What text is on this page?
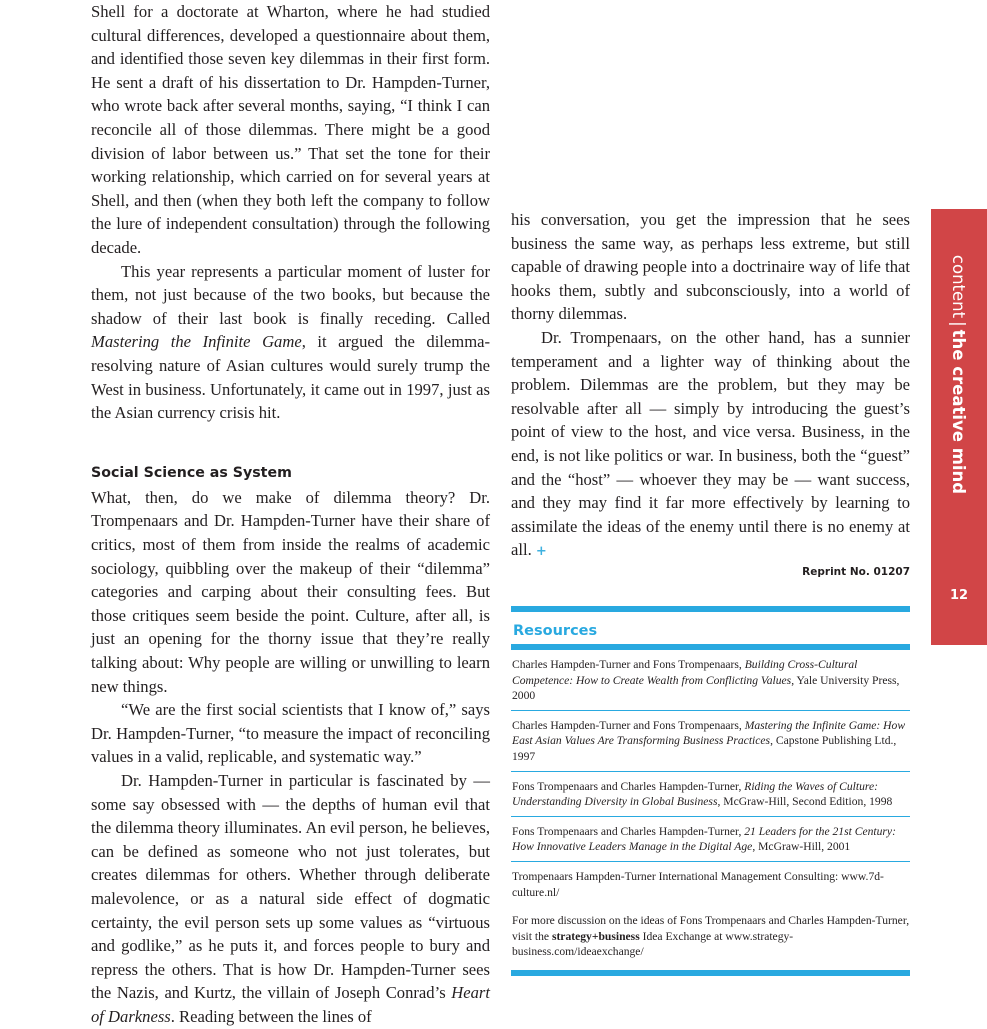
Shell for a doctorate at Wharton, where he had studied cultural differences, developed a questionnaire about them, and identified those seven key dilemmas in their first form. He sent a draft of his dissertation to Dr. Hampden-Turner, who wrote back after several months, saying, “I think I can reconcile all of those dilemmas. There might be a good division of labor between us.” That set the tone for their working relationship, which carried on for several years at Shell, and then (when they both left the company to follow the lure of independent consultation) through the following decade.

This year represents a particular moment of luster for them, not just because of the two books, but because the shadow of their last book is finally receding. Called Mastering the Infinite Game, it argued the dilemma-resolving nature of Asian cultures would surely trump the West in business. Unfortunately, it came out in 1997, just as the Asian currency crisis hit.

Social Science as System

What, then, do we make of dilemma theory? Dr. Trompenaars and Dr. Hampden-Turner have their share of critics, most of them from inside the realms of academic sociology, quibbling over the makeup of their “dilemma” categories and carping about their consulting fees. But those critiques seem beside the point. Culture, after all, is just an opening for the thorny issue that they’re really talking about: Why people are willing or unwilling to learn new things.

“We are the first social scientists that I know of,” says Dr. Hampden-Turner, “to measure the impact of reconciling values in a valid, replicable, and systematic way.”

Dr. Hampden-Turner in particular is fascinated by — some say obsessed with — the depths of human evil that the dilemma theory illuminates. An evil person, he believes, can be defined as someone who not just tolerates, but creates dilemmas for others. Whether through deliberate malevolence, or as a natural side effect of dogmatic certainty, the evil person sets up some values as “virtuous and godlike,” as he puts it, and forces people to bury and repress the others. That is how Dr. Hampden-Turner sees the Nazis, and Kurtz, the villain of Joseph Conrad’s Heart of Darkness. Reading between the lines of

his conversation, you get the impression that he sees business the same way, as perhaps less extreme, but still capable of drawing people into a doctrinaire way of life that hooks them, subtly and subconsciously, into a world of thorny dilemmas.

Dr. Trompenaars, on the other hand, has a sunnier temperament and a lighter way of thinking about the problem. Dilemmas are the problem, but they may be resolvable after all — simply by introducing the guest’s point of view to the host, and vice versa. Business, in the end, is not like politics or war. In business, both the “guest” and the “host” — whoever they may be — want success, and they may find it far more effectively by learning to assimilate the ideas of the enemy until there is no enemy at all. +

Reprint No. 01207
Resources
Charles Hampden-Turner and Fons Trompenaars, Building Cross-Cultural Competence: How to Create Wealth from Conflicting Values, Yale University Press, 2000
Charles Hampden-Turner and Fons Trompenaars, Mastering the Infinite Game: How East Asian Values Are Transforming Business Practices, Capstone Publishing Ltd., 1997
Fons Trompenaars and Charles Hampden-Turner, Riding the Waves of Culture: Understanding Diversity in Global Business, McGraw-Hill, Second Edition, 1998
Fons Trompenaars and Charles Hampden-Turner, 21 Leaders for the 21st Century: How Innovative Leaders Manage in the Digital Age, McGraw-Hill, 2001
Trompenaars Hampden-Turner International Management Consulting: www.7d-culture.nl/
For more discussion on the ideas of Fons Trompenaars and Charles Hampden-Turner, visit the strategy+business Idea Exchange at www.strategy-business.com/ideaexchange/
content|the creative mind
12
